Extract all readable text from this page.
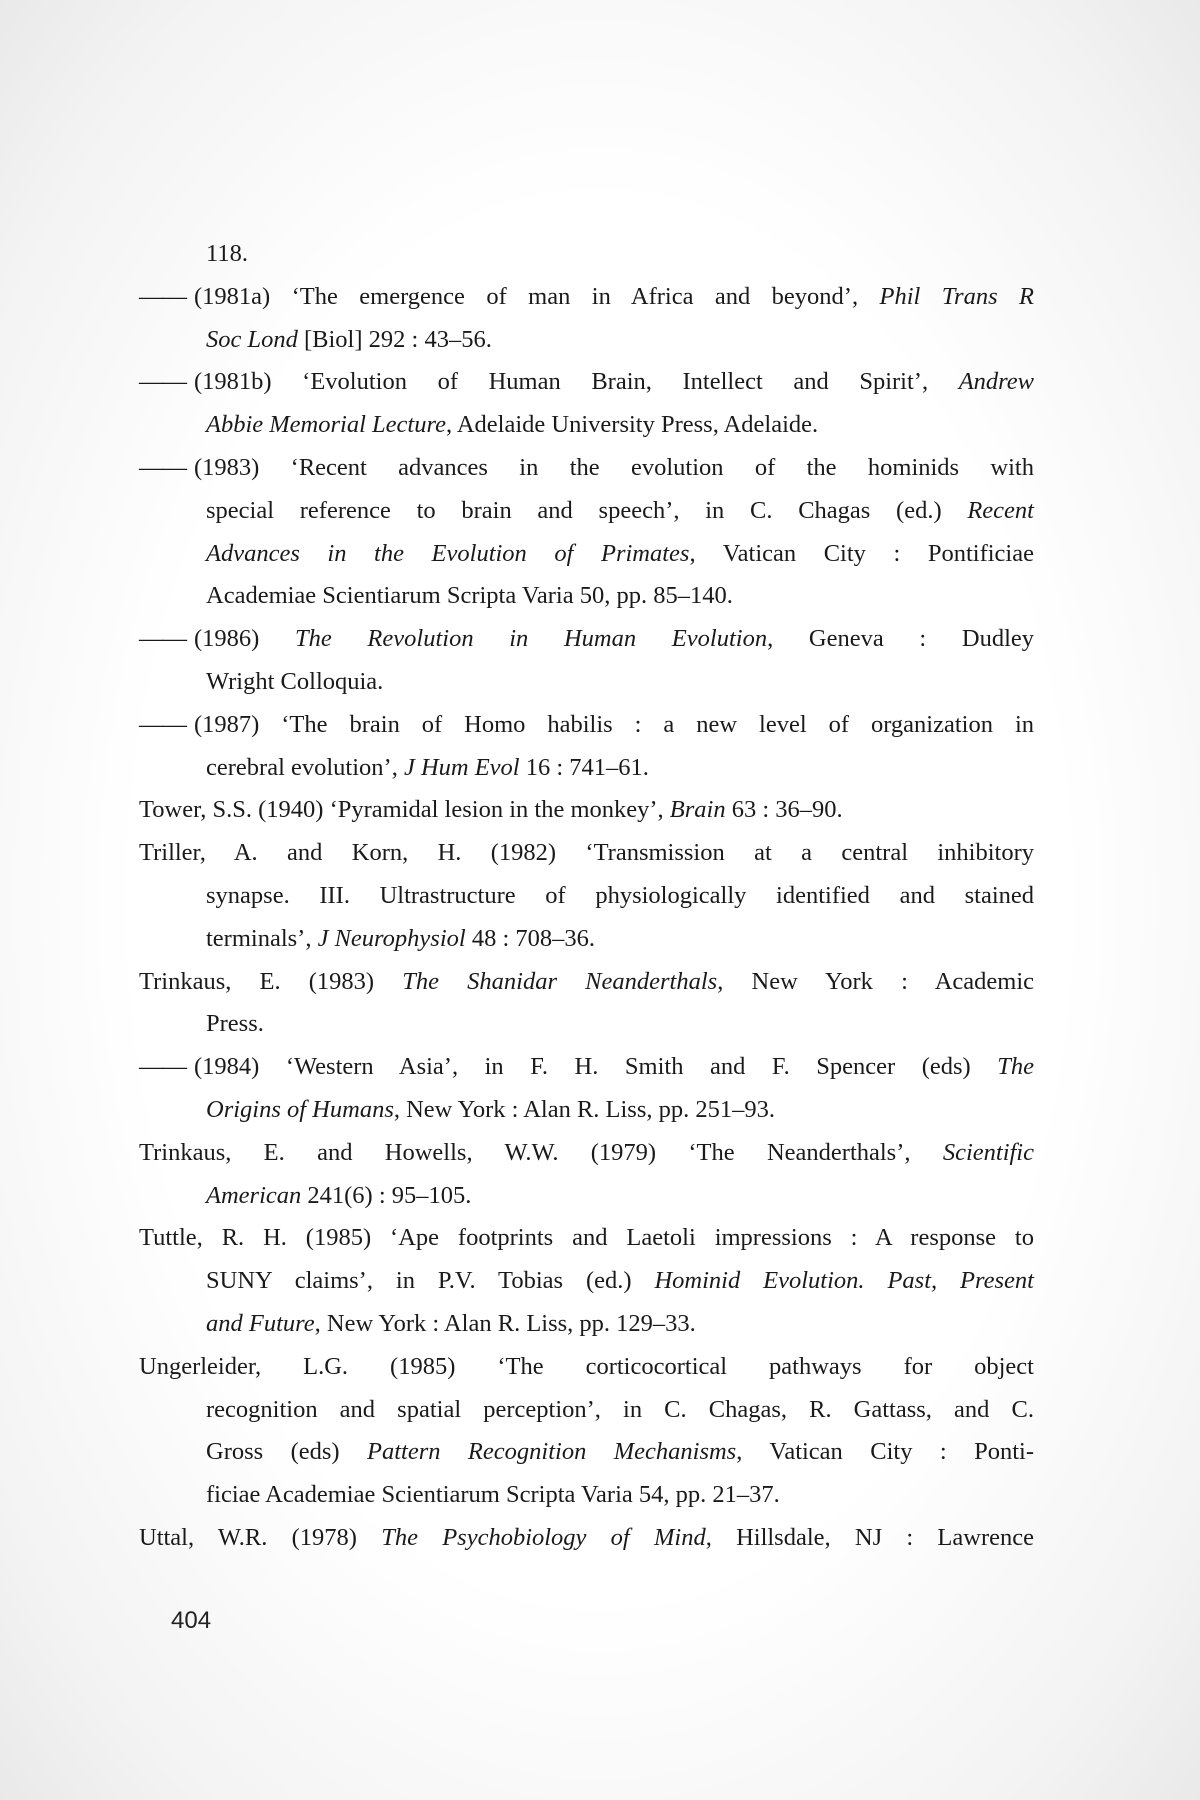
118.
—— (1981a) ‘The emergence of man in Africa and beyond’, Phil Trans R
Soc Lond [Biol] 292 : 43–56.
—— (1981b) ‘Evolution of Human Brain, Intellect and Spirit’, Andrew
Abbie Memorial Lecture, Adelaide University Press, Adelaide.
—— (1983) ‘Recent advances in the evolution of the hominids with
special reference to brain and speech’, in C. Chagas (ed.) Recent
Advances in the Evolution of Primates, Vatican City : Pontificiae
Academiae Scientiarum Scripta Varia 50, pp. 85–140.
—— (1986) The Revolution in Human Evolution, Geneva : Dudley
Wright Colloquia.
—— (1987) ‘The brain of Homo habilis : a new level of organization in
cerebral evolution’, J Hum Evol 16 : 741–61.
Tower, S.S. (1940) ‘Pyramidal lesion in the monkey’, Brain 63 : 36–90.
Triller, A. and Korn, H. (1982) ‘Transmission at a central inhibitory
synapse. III. Ultrastructure of physiologically identified and stained
terminals’, J Neurophysiol 48 : 708–36.
Trinkaus, E. (1983) The Shanidar Neanderthals, New York : Academic
Press.
—— (1984) ‘Western Asia’, in F. H. Smith and F. Spencer (eds) The
Origins of Humans, New York : Alan R. Liss, pp. 251–93.
Trinkaus, E. and Howells, W.W. (1979) ‘The Neanderthals’, Scientific
American 241(6) : 95–105.
Tuttle, R. H. (1985) ‘Ape footprints and Laetoli impressions : A response to
SUNY claims’, in P.V. Tobias (ed.) Hominid Evolution. Past, Present
and Future, New York : Alan R. Liss, pp. 129–33.
Ungerleider, L.G. (1985) ‘The corticocortical pathways for object
recognition and spatial perception’, in C. Chagas, R. Gattass, and C.
Gross (eds) Pattern Recognition Mechanisms, Vatican City : Ponti-
ficiae Academiae Scientiarum Scripta Varia 54, pp. 21–37.
Uttal, W.R. (1978) The Psychobiology of Mind, Hillsdale, NJ : Lawrence
404
